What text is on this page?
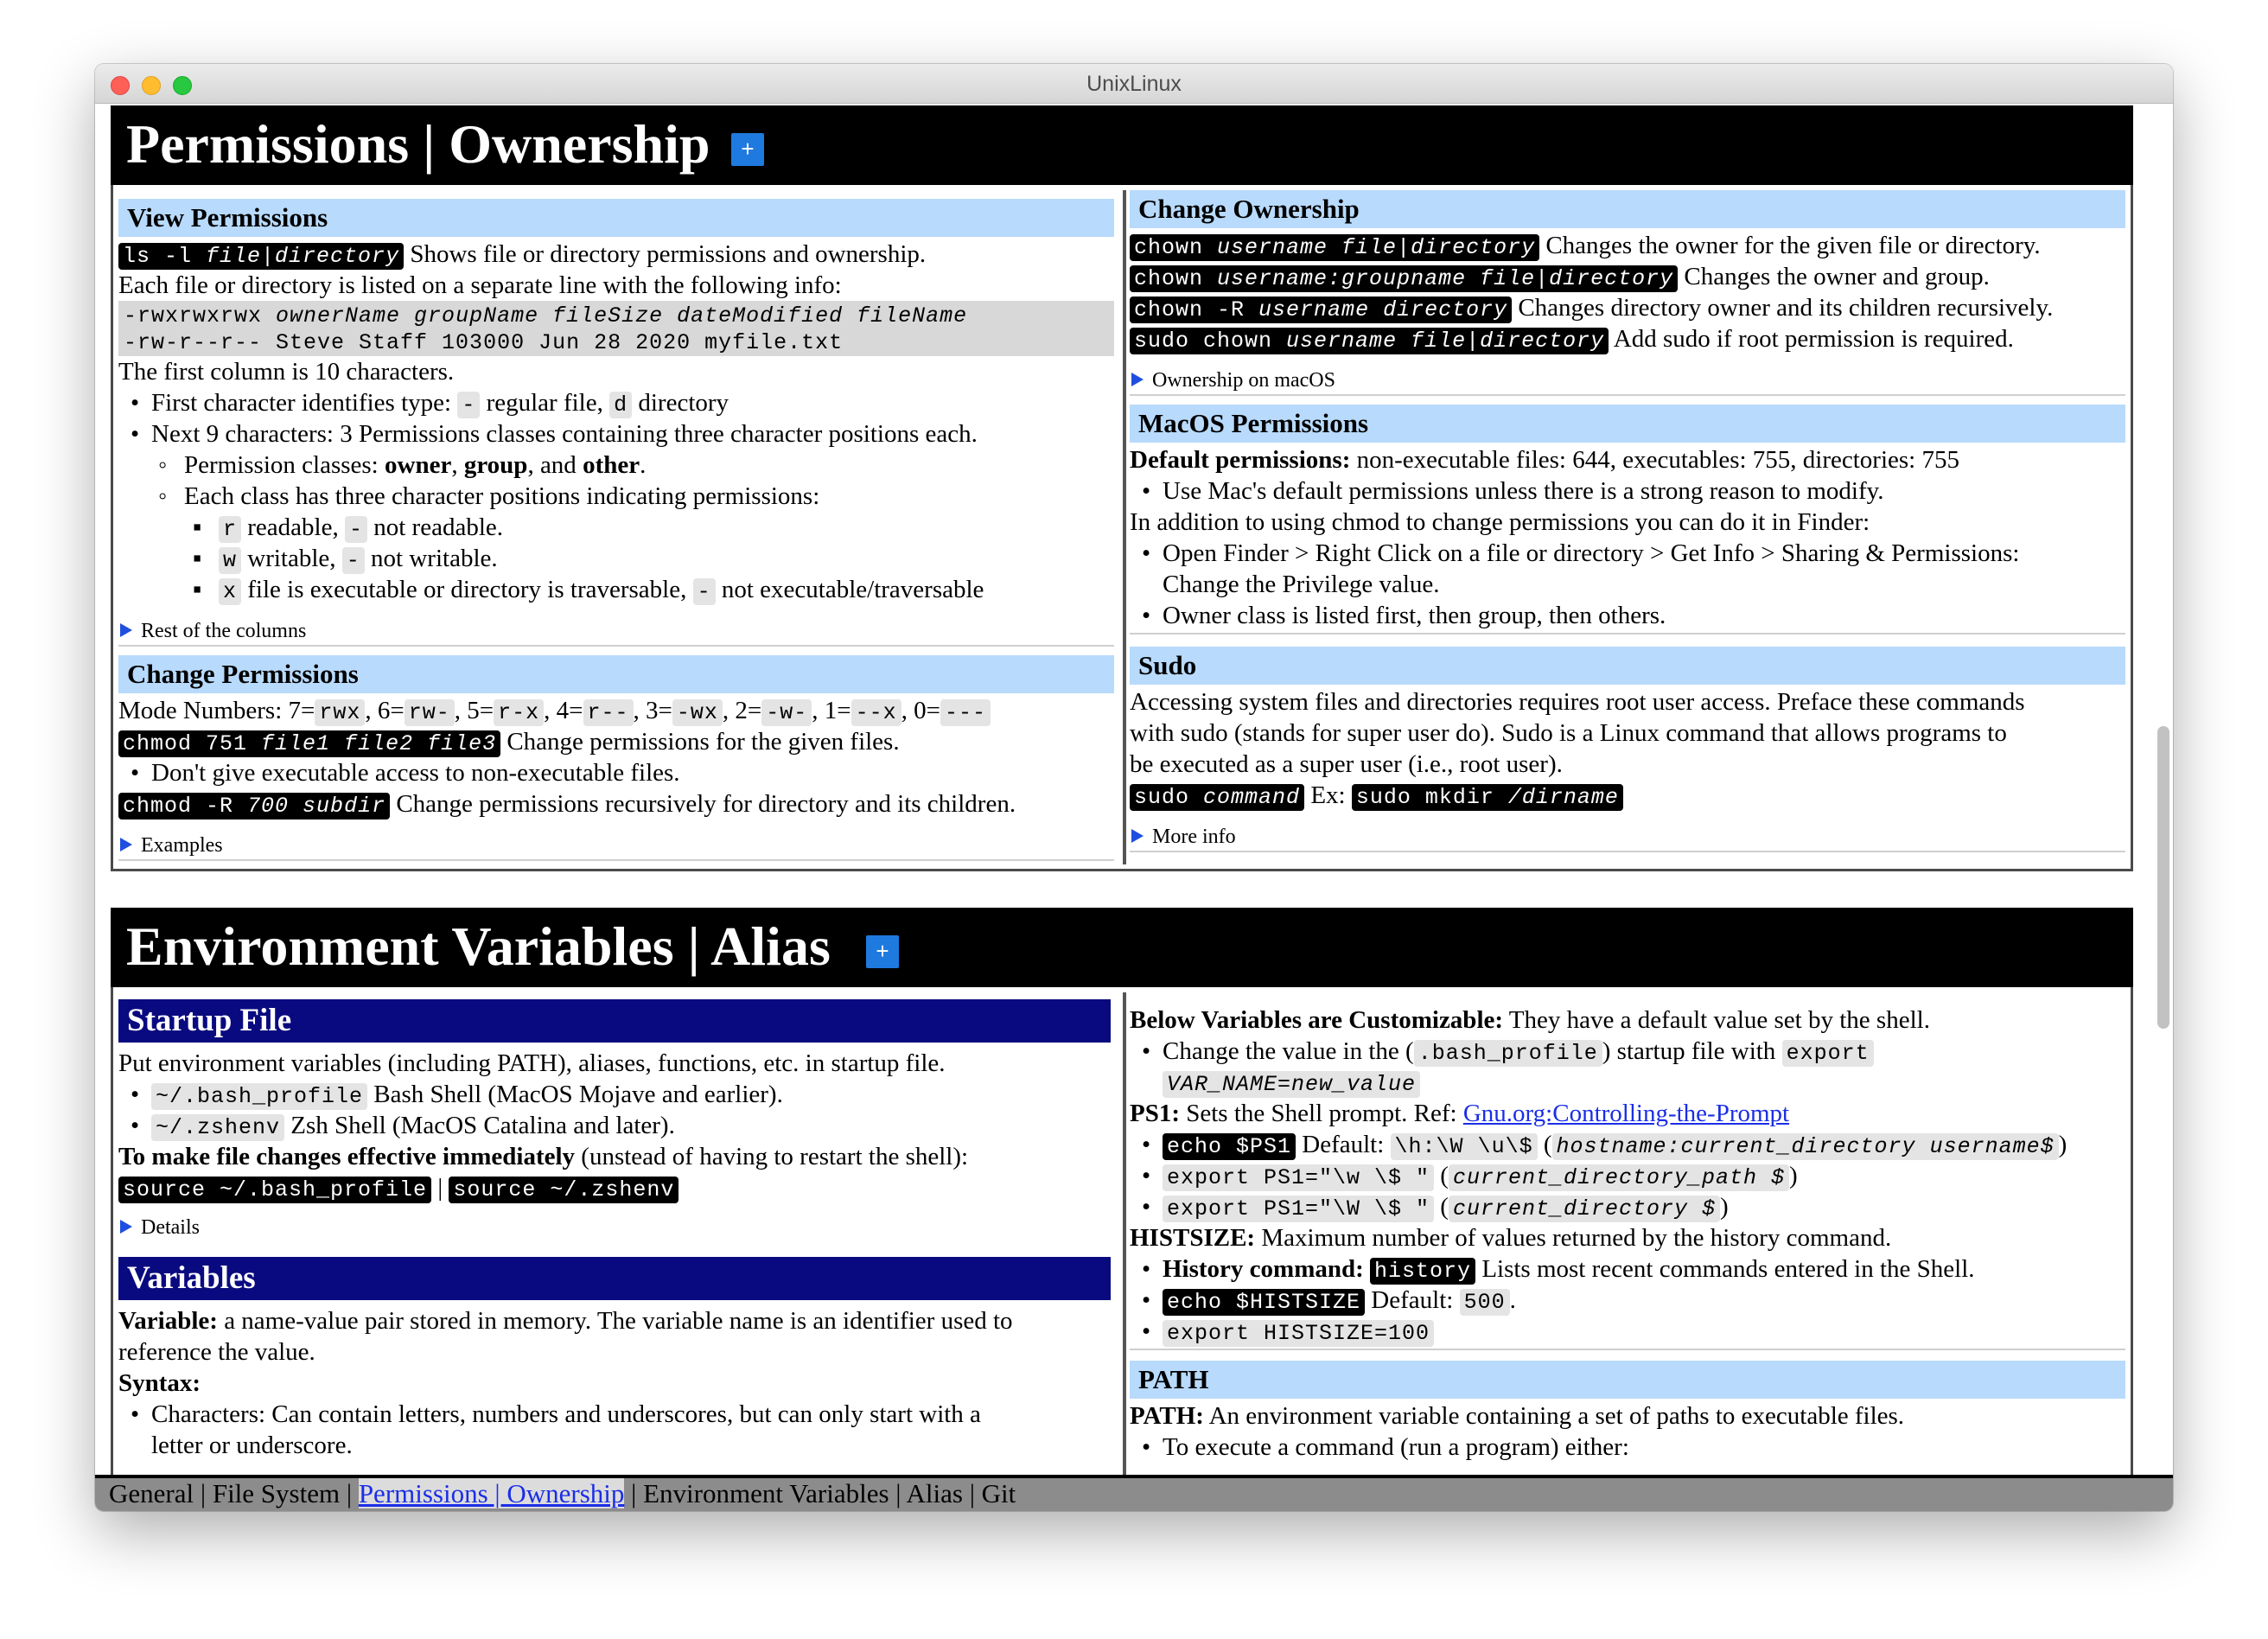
UnixLinux
Permissions | Ownership	+
View Permissions
ls -l file|directory Shows file or directory permissions and ownership.
Each file or directory is listed on a separate line with the following info:
-rwxrwxrwx ownerName groupName fileSize dateModified fileName
-rw-r--r-- Steve Staff 103000 Jun 28 2020 myfile.txt
The first column is 10 characters.
• First character identifies type: - regular file, d directory
• Next 9 characters: 3 Permissions classes containing three character positions each.
◦ Permission classes: owner, group, and other.
◦ Each class has three character positions indicating permissions:
▪ r readable, - not readable.
▪ w writable, - not writable.
▪ x file is executable or directory is traversable, - not executable/traversable
Rest of the columns
Change Permissions
Mode Numbers: 7= rwx , 6= rw- , 5= r-x , 4= r-- , 3= -wx , 2= -w- , 1= --x , 0= ---
chmod 751 file1 file2 file3 Change permissions for the given files.
• Don't give executable access to non-executable files.
chmod -R 700 subdir Change permissions recursively for directory and its children.
Examples
Change Ownership
chown username file|directory Changes the owner for the given file or directory.
chown username:groupname file|directory Changes the owner and group.
chown -R username directory Changes directory owner and its children recursively.
sudo chown username file|directory Add sudo if root permission is required.
Ownership on macOS
MacOS Permissions
Default permissions: non-executable files: 644, executables: 755, directories: 755
• Use Mac's default permissions unless there is a strong reason to modify.
In addition to using chmod to change permissions you can do it in Finder:
• Open Finder > Right Click on a file or directory > Get Info > Sharing & Permissions:
Change the Privilege value.
• Owner class is listed first, then group, then others.
Sudo
Accessing system files and directories requires root user access. Preface these commands
with sudo (stands for super user do). Sudo is a Linux command that allows programs to
be executed as a super user (i.e., root user).
sudo command Ex: sudo mkdir /dirname
More info
Environment Variables | Alias	+
Startup File
Put environment variables (including PATH), aliases, functions, etc. in startup file.
• ~/.bash_profile Bash Shell (MacOS Mojave and earlier).
• ~/.zshenv Zsh Shell (MacOS Catalina and later).
To make file changes effective immediately (unstead of having to restart the shell):
source ~/.bash_profile | source ~/.zshenv
Details
Variables
Variable: a name-value pair stored in memory. The variable name is an identifier used to
reference the value.
Syntax:
• Characters: Can contain letters, numbers and underscores, but can only start with a
letter or underscore.
Below Variables are Customizable: They have a default value set by the shell.
• Change the value in the ( .bash_profile ) startup file with export
VAR_NAME=new_value
PS1: Sets the Shell prompt. Ref: Gnu.org:Controlling-the-Prompt
• echo $PS1 Default: \h:\W \u\$ ( hostname:current_directory username$ )
• export PS1="\w \$ " ( current_directory_path $ )
• export PS1="\W \$ " ( current_directory $ )
HISTSIZE: Maximum number of values returned by the history command.
• History command: history Lists most recent commands entered in the Shell.
• echo $HISTSIZE Default: 500 .
• export HISTSIZE=100
PATH
PATH: An environment variable containing a set of paths to executable files.
• To execute a command (run a program) either:
General | File System | Permissions | Ownership | Environment Variables | Alias | Git
